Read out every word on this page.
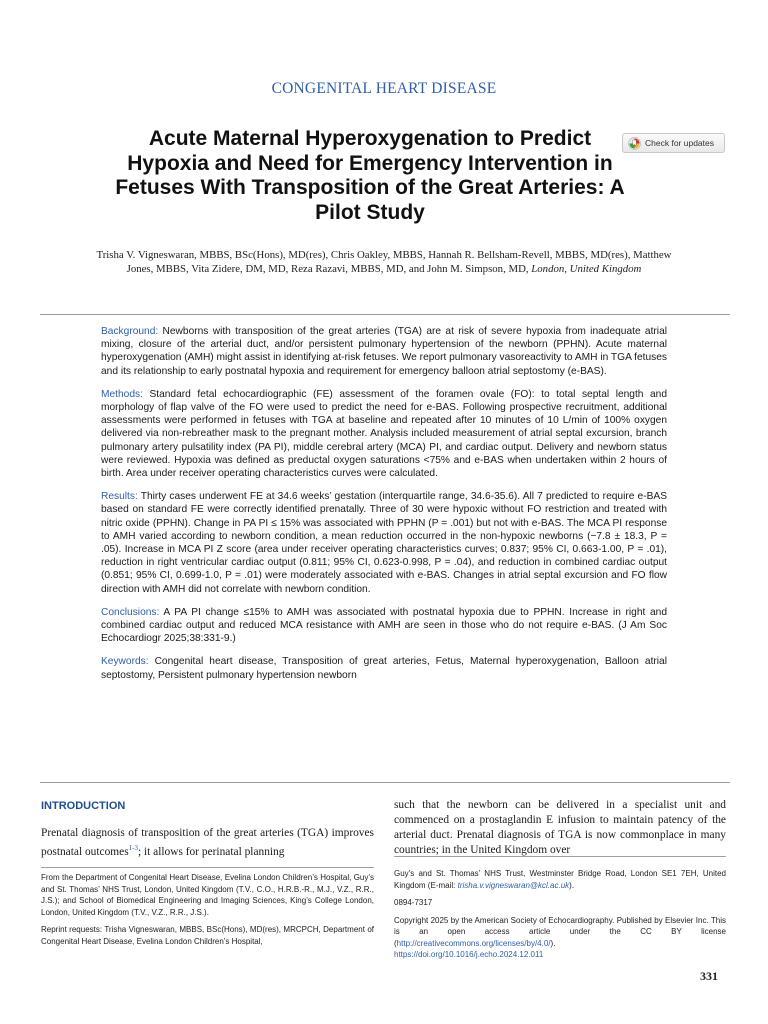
CONGENITAL HEART DISEASE
Acute Maternal Hyperoxygenation to Predict Hypoxia and Need for Emergency Intervention in Fetuses With Transposition of the Great Arteries: A Pilot Study
Check for updates
Trisha V. Vigneswaran, MBBS, BSc(Hons), MD(res), Chris Oakley, MBBS, Hannah R. Bellsham-Revell, MBBS, MD(res), Matthew Jones, MBBS, Vita Zidere, DM, MD, Reza Razavi, MBBS, MD, and John M. Simpson, MD, London, United Kingdom

Background: Newborns with transposition of the great arteries (TGA) are at risk of severe hypoxia from inadequate atrial mixing, closure of the arterial duct, and/or persistent pulmonary hypertension of the newborn (PPHN). Acute maternal hyperoxygenation (AMH) might assist in identifying at-risk fetuses. We report pulmonary vasoreactivity to AMH in TGA fetuses and its relationship to early postnatal hypoxia and requirement for emergency balloon atrial septostomy (e-BAS).

Methods: Standard fetal echocardiographic (FE) assessment of the foramen ovale (FO): to total septal length and morphology of flap valve of the FO were used to predict the need for e-BAS. Following prospective recruitment, additional assessments were performed in fetuses with TGA at baseline and repeated after 10 minutes of 10 L/min of 100% oxygen delivered via non-rebreather mask to the pregnant mother. Analysis included measurement of atrial septal excursion, branch pulmonary artery pulsatility index (PA PI), middle cerebral artery (MCA) PI, and cardiac output. Delivery and newborn status were reviewed. Hypoxia was defined as preductal oxygen saturations <75% and e-BAS when undertaken within 2 hours of birth. Area under receiver operating characteristics curves were calculated.

Results: Thirty cases underwent FE at 34.6 weeks’ gestation (interquartile range, 34.6-35.6). All 7 predicted to require e-BAS based on standard FE were correctly identified prenatally. Three of 30 were hypoxic without FO restriction and treated with nitric oxide (PPHN). Change in PA PI ≤ 15% was associated with PPHN (P = .001) but not with e-BAS. The MCA PI response to AMH varied according to newborn condition, a mean reduction occurred in the non-hypoxic newborns (−7.8 ± 18.3, P = .05). Increase in MCA PI Z score (area under receiver operating characteristics curves; 0.837; 95% CI, 0.663-1.00, P = .01), reduction in right ventricular cardiac output (0.811; 95% CI, 0.623-0.998, P = .04), and reduction in combined cardiac output (0.851; 95% CI, 0.699-1.0, P = .01) were moderately associated with e-BAS. Changes in atrial septal excursion and FO flow direction with AMH did not correlate with newborn condition.

Conclusions: A PA PI change ≤15% to AMH was associated with postnatal hypoxia due to PPHN. Increase in right and combined cardiac output and reduced MCA resistance with AMH are seen in those who do not require e-BAS. (J Am Soc Echocardiogr 2025;38:331-9.)

Keywords: Congenital heart disease, Transposition of great arteries, Fetus, Maternal hyperoxygenation, Balloon atrial septostomy, Persistent pulmonary hypertension newborn

INTRODUCTION
Prenatal diagnosis of transposition of the great arteries (TGA) improves postnatal outcomes$^{1-3}$; it allows for perinatal planning
such that the newborn can be delivered in a specialist unit and commenced on a prostaglandin E infusion to maintain patency of the arterial duct. Prenatal diagnosis of TGA is now commonplace in many countries; in the United Kingdom over

From the Department of Congenital Heart Disease, Evelina London Children’s Hospital, Guy’s and St. Thomas’ NHS Trust, London, United Kingdom (T.V., C.O., H.R.B.-R., M.J., V.Z., R.R., J.S.); and School of Biomedical Engineering and Imaging Sciences, King’s College London, London, United Kingdom (T.V., V.Z., R.R., J.S.).

Reprint requests: Trisha Vigneswaran, MBBS, BSc(Hons), MD(res), MRCPCH, Department of Congenital Heart Disease, Evelina London Children’s Hospital,

Guy’s and St. Thomas’ NHS Trust, Westminster Bridge Road, London SE1 7EH, United Kingdom (E-mail: trisha.v.vigneswaran@kcl.ac.uk).

0894-7317

Copyright 2025 by the American Society of Echocardiography. Published by Elsevier Inc. This is an open access article under the CC BY license (http://creativecommons.org/licenses/by/4.0/).
https://doi.org/10.1016/j.echo.2024.12.011

331
